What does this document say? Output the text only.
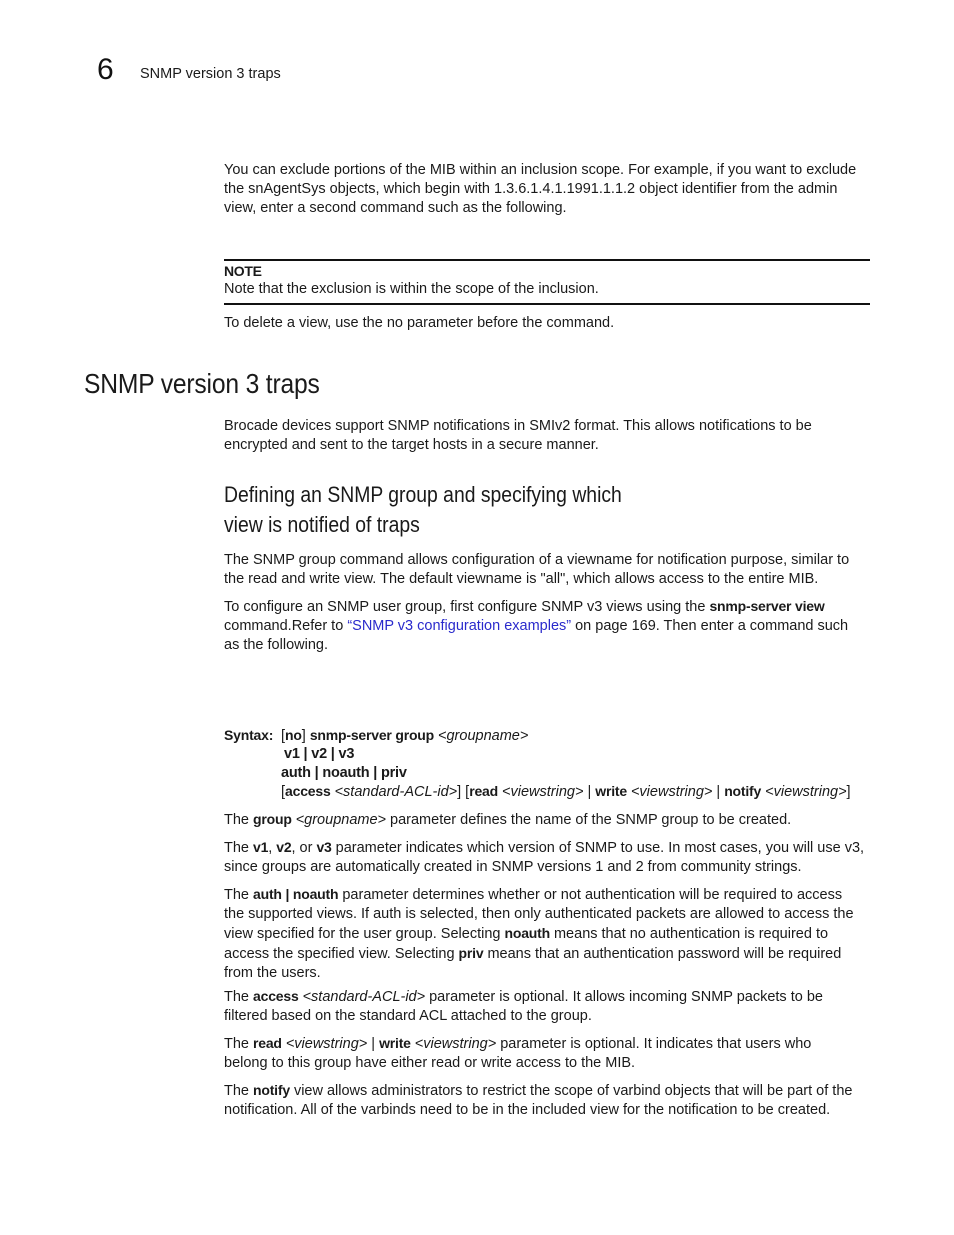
6 SNMP version 3 traps
You can exclude portions of the MIB within an inclusion scope. For example, if you want to exclude
the snAgentSys objects, which begin with 1.3.6.1.4.1.1991.1.1.2 object identifier from the admin
view, enter a second command such as the following.
NOTE
Note that the exclusion is within the scope of the inclusion.
To delete a view, use the no parameter before the command.
SNMP version 3 traps
Brocade devices support SNMP notifications in SMIv2 format. This allows notifications to be
encrypted and sent to the target hosts in a secure manner.
Defining an SNMP group and specifying which
view is notified of traps
The SNMP group command allows configuration of a viewname for notification purpose, similar to
the read and write view. The default viewname is "all", which allows access to the entire MIB.
To configure an SNMP user group, first configure SNMP v3 views using the snmp-server view
command.Refer to “SNMP v3 configuration examples” on page 169. Then enter a command such
as the following.
Syntax: [no] snmp-server group <groupname>
v1 | v2 | v3
auth | noauth | priv
[access <standard-ACL-id>] [read <viewstring> | write <viewstring> | notify <viewstring>]
The group <groupname> parameter defines the name of the SNMP group to be created.
The v1, v2, or v3 parameter indicates which version of SNMP to use. In most cases, you will use v3,
since groups are automatically created in SNMP versions 1 and 2 from community strings.
The auth | noauth parameter determines whether or not authentication will be required to access
the supported views. If auth is selected, then only authenticated packets are allowed to access the
view specified for the user group. Selecting noauth means that no authentication is required to
access the specified view. Selecting priv means that an authentication password will be required
from the users.
The access <standard-ACL-id> parameter is optional. It allows incoming SNMP packets to be
filtered based on the standard ACL attached to the group.
The read <viewstring> | write <viewstring> parameter is optional. It indicates that users who
belong to this group have either read or write access to the MIB.
The notify view allows administrators to restrict the scope of varbind objects that will be part of the
notification. All of the varbinds need to be in the included view for the notification to be created.
